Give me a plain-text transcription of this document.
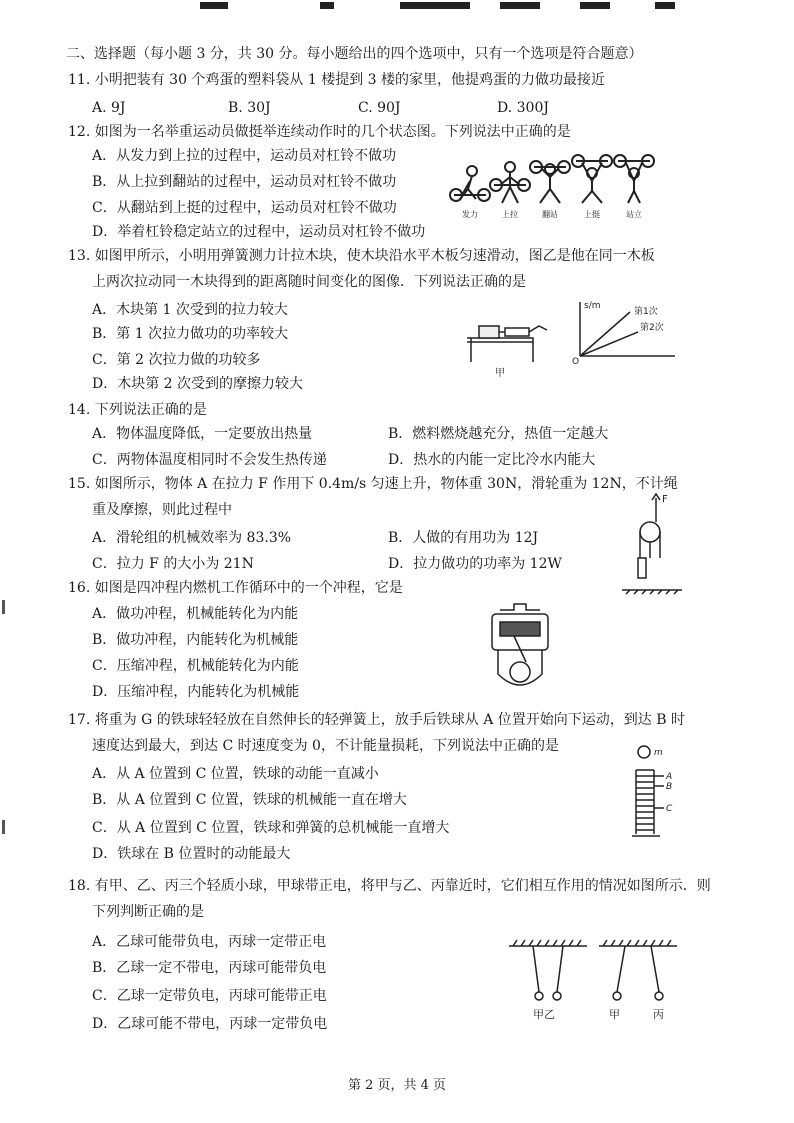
二、选择题（每小题 3 分，共 30 分。每小题给出的四个选项中，只有一个选项是符合题意）
11. 小明把装有 30 个鸡蛋的塑料袋从 1 楼提到 3 楼的家里，他提鸡蛋的力做功最接近
A. 9J	B. 30J	C. 90J	D. 300J
12. 如图为一名举重运动员做挺举连续动作时的几个状态图。下列说法中正确的是
A．从发力到上拉的过程中，运动员对杠铃不做功
B．从上拉到翻站的过程中，运动员对杠铃不做功
C．从翻站到上挺的过程中，运动员对杠铃不做功
D．举着杠铃稳定站立的过程中，运动员对杠铃不做功
发力	上拉	翻站	上挺	站立
13. 如图甲所示，小明用弹簧测力计拉木块，使木块沿水平木板匀速滑动，图乙是他在同一木板
上两次拉动同一木块得到的距离随时间变化的图像．下列说法正确的是
A．木块第 1 次受到的拉力较大
B．第 1 次拉力做功的功率较大
C．第 2 次拉力做的功较多
D．木块第 2 次受到的摩擦力较大
甲
s/m
第1次
第2次
O
14. 下列说法正确的是
A．物体温度降低，一定要放出热量	B．燃料燃烧越充分，热值一定越大
C．两物体温度相同时不会发生热传递	D．热水的内能一定比冷水内能大
15. 如图所示，物体 A 在拉力 F 作用下 0.4m/s 匀速上升，物体重 30N，滑轮重为 12N，不计绳
重及摩擦，则此过程中
A．滑轮组的机械效率为 83.3%	B．人做的有用功为 12J
C．拉力 F 的大小为 21N	D．拉力做功的功率为 12W
F
16. 如图是四冲程内燃机工作循环中的一个冲程，它是
A．做功冲程，机械能转化为内能
B．做功冲程，内能转化为机械能
C．压缩冲程，机械能转化为内能
D．压缩冲程，内能转化为机械能
17. 将重为 G 的铁球轻轻放在自然伸长的轻弹簧上，放手后铁球从 A 位置开始向下运动，到达 B 时
速度达到最大，到达 C 时速度变为 0，不计能量损耗，下列说法中正确的是
A．从 A 位置到 C 位置，铁球的动能一直减小
B．从 A 位置到 C 位置，铁球的机械能一直在增大
C．从 A 位置到 C 位置，铁球和弹簧的总机械能一直增大
D．铁球在 B 位置时的动能最大
m
A
B
C
18. 有甲、乙、丙三个轻质小球，甲球带正电，将甲与乙、丙靠近时，它们相互作用的情况如图所示．则
下列判断正确的是
A．乙球可能带负电，丙球一定带正电
B．乙球一定不带电，丙球可能带负电
C．乙球一定带负电，丙球可能带正电
D．乙球可能不带电，丙球一定带负电
甲乙	甲	丙
第 2 页，共 4 页
